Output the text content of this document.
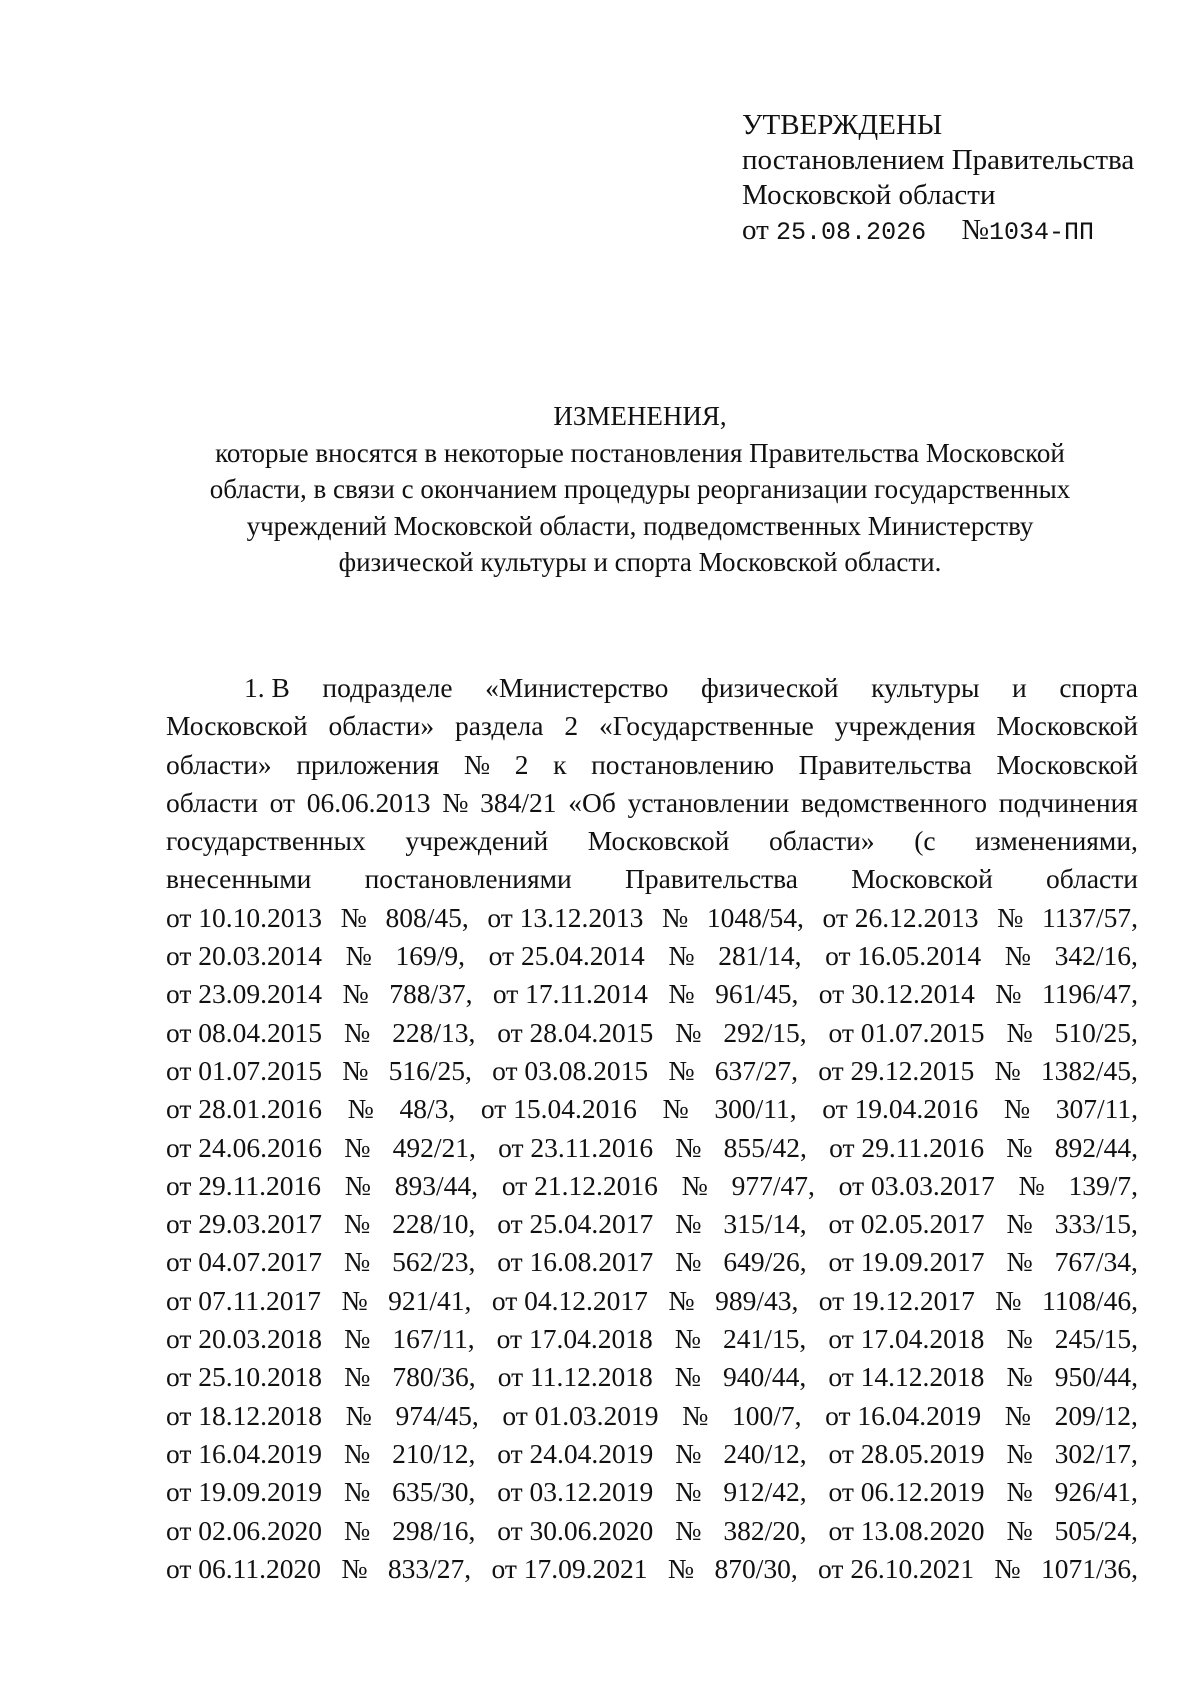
УТВЕРЖДЕНЫ
постановлением Правительства
Московской области
от 25.08.2026 №1034-ПП
ИЗМЕНЕНИЯ,
которые вносятся в некоторые постановления Правительства Московской
области, в связи с окончанием процедуры реорганизации государственных
учреждений Московской области, подведомственных Министерству
физической культуры и спорта Московской области.
1. В подразделе «Министерство физической культуры и спорта
Московской области» раздела 2 «Государственные учреждения Московской
области» приложения № 2 к постановлению Правительства Московской
области от 06.06.2013 № 384/21 «Об установлении ведомственного подчинения
государственных учреждений Московской области» (с изменениями,
внесенными постановлениями Правительства Московской области
от 10.10.2013 № 808/45, от 13.12.2013 № 1048/54, от 26.12.2013 № 1137/57,
от 20.03.2014 № 169/9, от 25.04.2014 № 281/14, от 16.05.2014 № 342/16,
от 23.09.2014 № 788/37, от 17.11.2014 № 961/45, от 30.12.2014 № 1196/47,
от 08.04.2015 № 228/13, от 28.04.2015 № 292/15, от 01.07.2015 № 510/25,
от 01.07.2015 № 516/25, от 03.08.2015 № 637/27, от 29.12.2015 № 1382/45,
от 28.01.2016 № 48/3, от 15.04.2016 № 300/11, от 19.04.2016 № 307/11,
от 24.06.2016 № 492/21, от 23.11.2016 № 855/42, от 29.11.2016 № 892/44,
от 29.11.2016 № 893/44, от 21.12.2016 № 977/47, от 03.03.2017 № 139/7,
от 29.03.2017 № 228/10, от 25.04.2017 № 315/14, от 02.05.2017 № 333/15,
от 04.07.2017 № 562/23, от 16.08.2017 № 649/26, от 19.09.2017 № 767/34,
от 07.11.2017 № 921/41, от 04.12.2017 № 989/43, от 19.12.2017 № 1108/46,
от 20.03.2018 № 167/11, от 17.04.2018 № 241/15, от 17.04.2018 № 245/15,
от 25.10.2018 № 780/36, от 11.12.2018 № 940/44, от 14.12.2018 № 950/44,
от 18.12.2018 № 974/45, от 01.03.2019 № 100/7, от 16.04.2019 № 209/12,
от 16.04.2019 № 210/12, от 24.04.2019 № 240/12, от 28.05.2019 № 302/17,
от 19.09.2019 № 635/30, от 03.12.2019 № 912/42, от 06.12.2019 № 926/41,
от 02.06.2020 № 298/16, от 30.06.2020 № 382/20, от 13.08.2020 № 505/24,
от 06.11.2020 № 833/27, от 17.09.2021 № 870/30, от 26.10.2021 № 1071/36,
